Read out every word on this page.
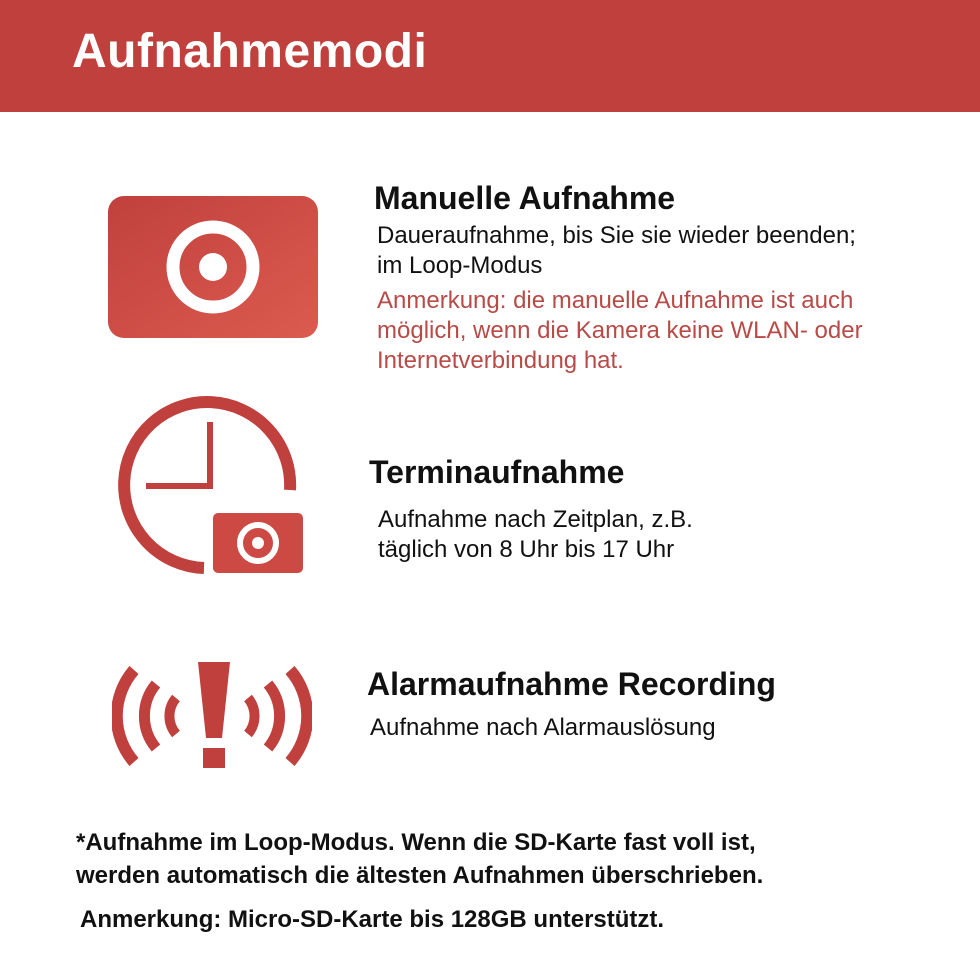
Aufnahmemodi
Manuelle Aufnahme
Daueraufnahme, bis Sie sie wieder beenden;
im Loop-Modus
Anmerkung: die manuelle Aufnahme ist auch
möglich, wenn die Kamera keine WLAN- oder
Internetverbindung hat.
Terminaufnahme
Aufnahme nach Zeitplan, z.B.
täglich von 8 Uhr bis 17 Uhr
Alarmaufnahme Recording
Aufnahme nach Alarmauslösung
*Aufnahme im Loop-Modus. Wenn die SD-Karte fast voll ist,
werden automatisch die ältesten Aufnahmen überschrieben.
Anmerkung: Micro-SD-Karte bis 128GB unterstützt.
